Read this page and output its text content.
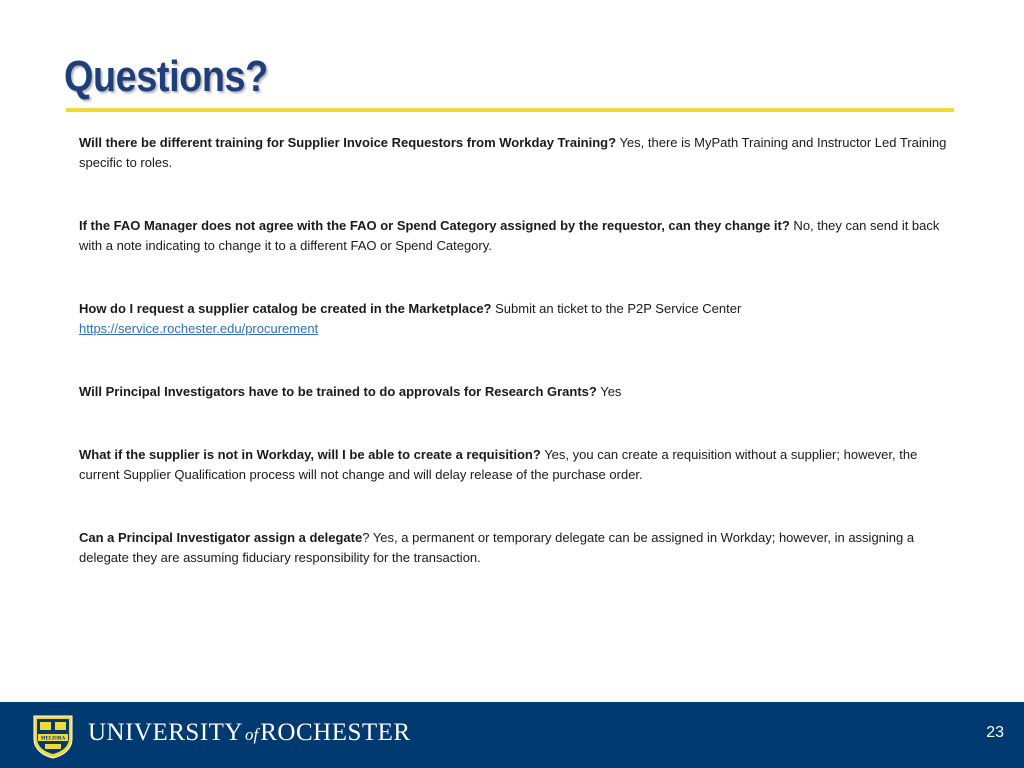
Questions?
Will there be different training for Supplier Invoice Requestors from Workday Training? Yes, there is MyPath Training and Instructor Led Training specific to roles.
If the FAO Manager does not agree with the FAO or Spend Category assigned by the requestor, can they change it? No, they can send it back with a note indicating to change it to a different FAO or Spend Category.
How do I request a supplier catalog be created in the Marketplace? Submit an ticket to the P2P Service Center
https://service.rochester.edu/procurement
Will Principal Investigators have to be trained to do approvals for Research Grants? Yes
What if the supplier is not in Workday, will I be able to create a requisition? Yes, you can create a requisition without a supplier; however, the current Supplier Qualification process will not change and will delay release of the purchase order.
Can a Principal Investigator assign a delegate? Yes, a permanent or temporary delegate can be assigned in Workday; however, in assigning a delegate they are assuming fiduciary responsibility for the transaction.
MELIORA UNIVERSITY ofROCHESTER	23
